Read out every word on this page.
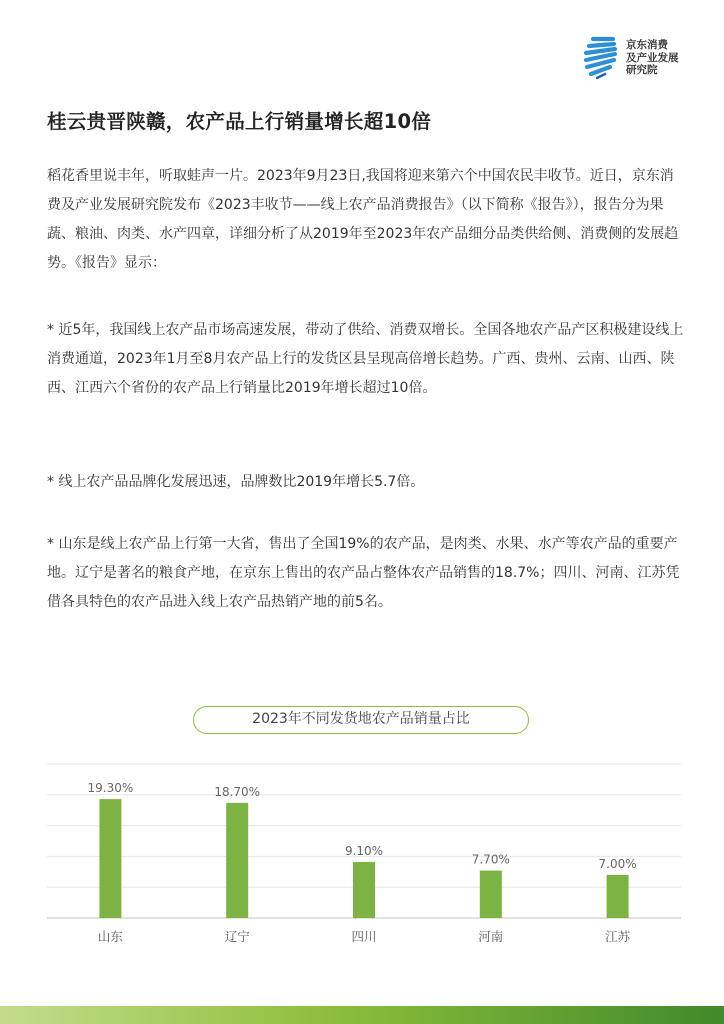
京东消费
及产业发展
研究院
桂云贵晋陕赣，农产品上行销量增长超10倍
稻花香里说丰年，听取蛙声一片。2023年9月23日,我国将迎来第六个中国农民丰收节。近日，京东消费及产业发展研究院发布《2023丰收节——线上农产品消费报告》（以下简称《报告》），报告分为果蔬、粮油、肉类、水产四章，详细分析了从2019年至2023年农产品细分品类供给侧、消费侧的发展趋势。《报告》显示：
* 近5年，我国线上农产品市场高速发展，带动了供给、消费双增长。全国各地农产品产区积极建设线上消费通道，2023年1月至8月农产品上行的发货区县呈现高倍增长趋势。广西、贵州、云南、山西、陕西、江西六个省份的农产品上行销量比2019年增长超过10倍。
* 线上农产品品牌化发展迅速，品牌数比2019年增长5.7倍。
* 山东是线上农产品上行第一大省，售出了全国19%的农产品，是肉类、水果、水产等农产品的重要产地。辽宁是著名的粮食产地，在京东上售出的农产品占整体农产品销售的18.7%；四川、河南、江苏凭借各具特色的农产品进入线上农产品热销产地的前5名。
2023年不同发货地农产品销量占比
19.30%
山东
18.70%
辽宁
9.10%
四川
7.70%
河南
7.00%
江苏
